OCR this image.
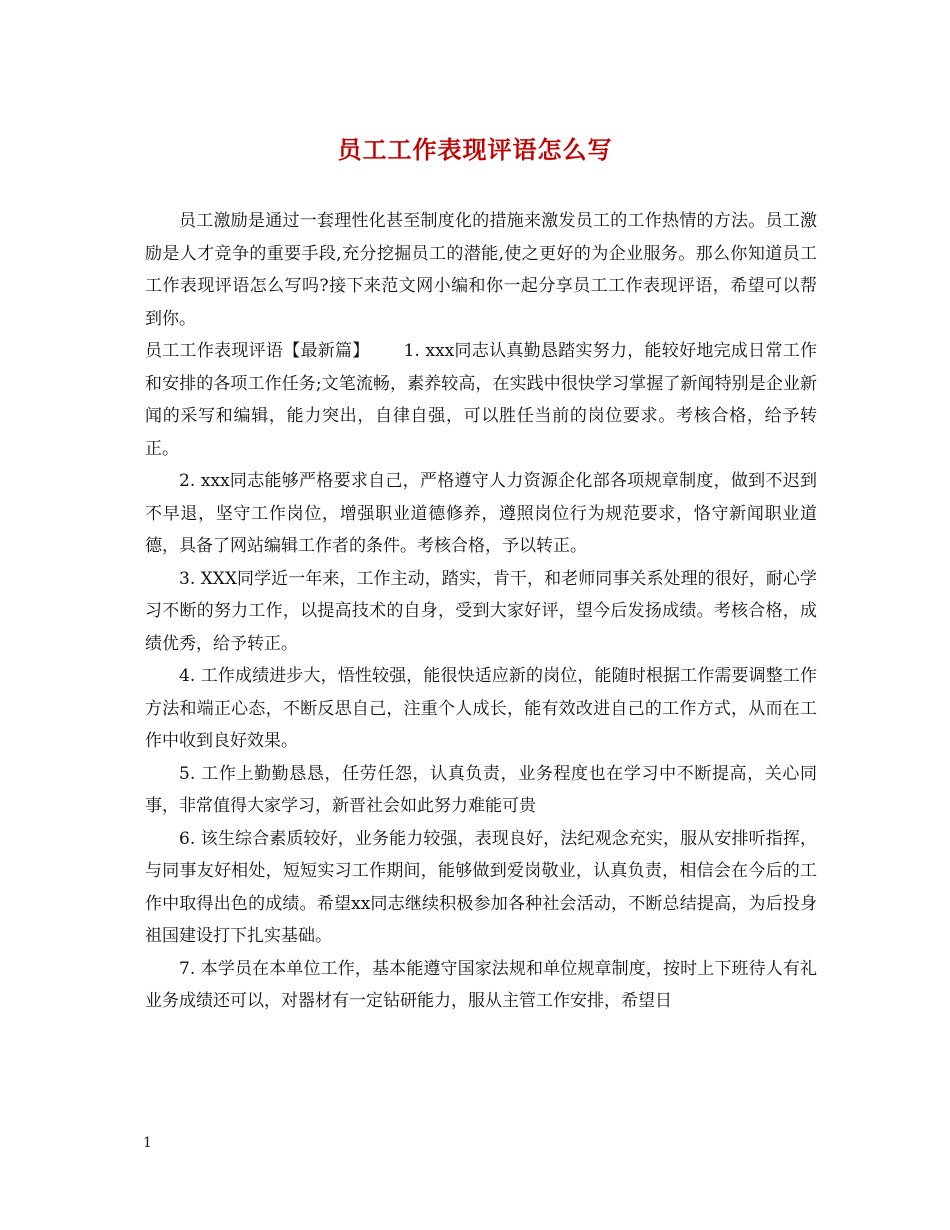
员工工作表现评语怎么写

员工激励是通过一套理性化甚至制度化的措施来激发员工的工作热情的方法。员工激励是人才竞争的重要手段,充分挖掘员工的潜能,使之更好的为企业服务。那么你知道员工工作表现评语怎么写吗?接下来范文网小编和你一起分享员工工作表现评语，希望可以帮到你。

员工工作表现评语【最新篇】 1. xxx同志认真勤恳踏实努力，能较好地完成日常工作和安排的各项工作任务;文笔流畅，素养较高，在实践中很快学习掌握了新闻特别是企业新闻的采写和编辑，能力突出，自律自强，可以胜任当前的岗位要求。考核合格，给予转正。

2. xxx同志能够严格要求自己，严格遵守人力资源企化部各项规章制度，做到不迟到不早退，坚守工作岗位，增强职业道德修养，遵照岗位行为规范要求，恪守新闻职业道德，具备了网站编辑工作者的条件。考核合格，予以转正。

3. XXX同学近一年来，工作主动，踏实，肯干，和老师同事关系处理的很好，耐心学习不断的努力工作，以提高技术的自身，受到大家好评，望今后发扬成绩。考核合格，成绩优秀，给予转正。

4. 工作成绩进步大，悟性较强，能很快适应新的岗位，能随时根据工作需要调整工作方法和端正心态，不断反思自己，注重个人成长，能有效改进自己的工作方式，从而在工作中收到良好效果。

5. 工作上勤勤恳恳，任劳任怨，认真负责，业务程度也在学习中不断提高，关心同事，非常值得大家学习，新晋社会如此努力难能可贵

6. 该生综合素质较好，业务能力较强，表现良好，法纪观念充实，服从安排听指挥，与同事友好相处，短短实习工作期间，能够做到爱岗敬业，认真负责，相信会在今后的工作中取得出色的成绩。希望xx同志继续积极参加各种社会活动，不断总结提高，为后投身祖国建设打下扎实基础。

7. 本学员在本单位工作，基本能遵守国家法规和单位规章制度，按时上下班待人有礼业务成绩还可以，对器材有一定钻研能力，服从主管工作安排，希望日

1
